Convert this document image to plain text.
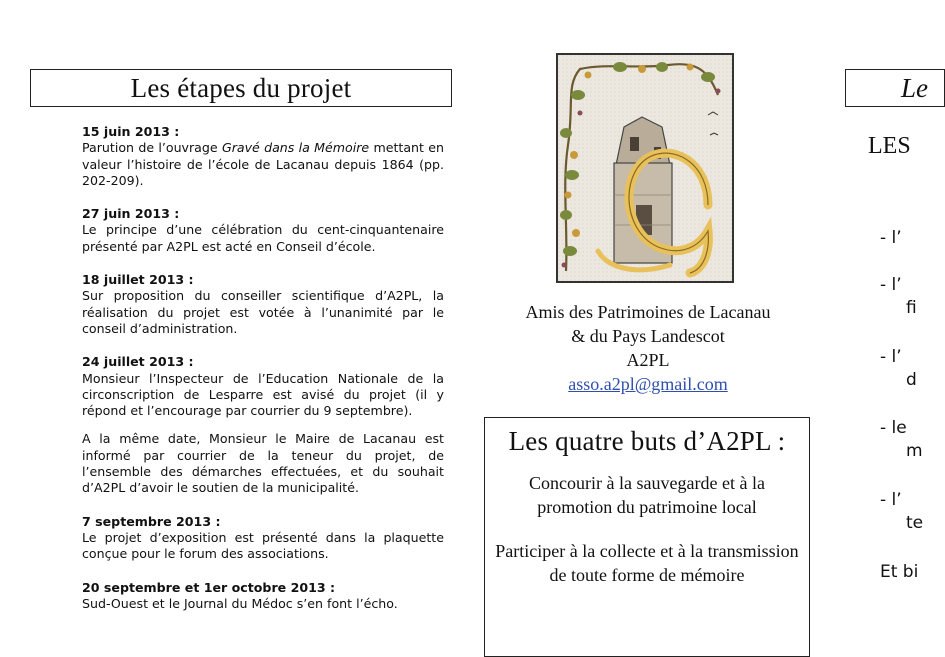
Les étapes du projet
15 juin 2013 :
Parution de l’ouvrage Gravé dans la Mémoire mettant en valeur l’histoire de l’école de Lacanau depuis 1864 (pp. 202-209).
27 juin 2013 :
Le principe d’une célébration du cent-cinquantenaire présenté par A2PL est acté en Conseil d’école.
18 juillet 2013 :
Sur proposition du conseiller scientifique d’A2PL, la réalisation du projet est votée à l’unanimité par le conseil d’administration.
24 juillet 2013 :
Monsieur l’Inspecteur de l’Education Nationale de la circonscription de Lesparre est avisé du projet (il y répond et l’encourage par courrier du 9 septembre).
A la même date, Monsieur le Maire de Lacanau est informé par courrier de la teneur du projet, de l’ensemble des démarches effectuées, et du souhait d’A2PL d’avoir le soutien de la municipalité.
7 septembre 2013 :
Le projet d’exposition est présenté dans la plaquette conçue pour le forum des associations.
20 septembre et 1er octobre 2013 :
Sud-Ouest et le Journal du Médoc s’en font l’écho.
Amis des Patrimoines de Lacanau
& du Pays Landescot
A2PL
asso.a2pl@gmail.com
Les quatre buts d’A2PL :
Concourir à la sauvegarde et à la promotion du patrimoine local
Participer à la collecte et à la transmission de toute forme de mémoire
Le
LES
- l’
- l’
fi
- l’
d
- le
m
- l’
te
Et bi
